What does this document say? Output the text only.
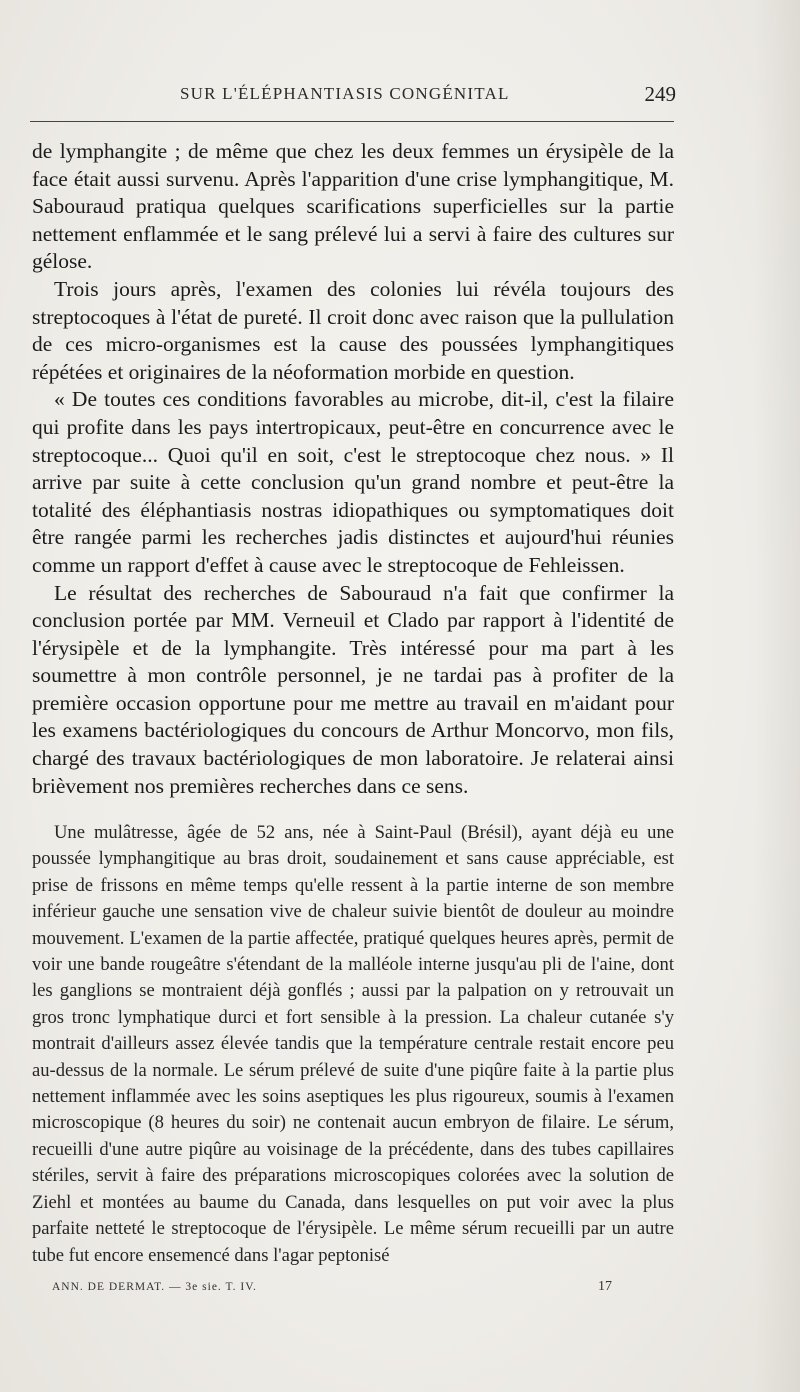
SUR L'ÉLÉPHANTIASIS CONGÉNITAL	249

de lymphangite ; de même que chez les deux femmes un érysipèle de la face était aussi survenu. Après l'apparition d'une crise lymphangitique, M. Sabouraud pratiqua quelques scarifications superficielles sur la partie nettement enflammée et le sang prélevé lui a servi à faire des cultures sur gélose.

Trois jours après, l'examen des colonies lui révéla toujours des streptocoques à l'état de pureté. Il croit donc avec raison que la pullulation de ces micro-organismes est la cause des poussées lymphangitiques répétées et originaires de la néoformation morbide en question.

« De toutes ces conditions favorables au microbe, dit-il, c'est la filaire qui profite dans les pays intertropicaux, peut-être en concurrence avec le streptocoque... Quoi qu'il en soit, c'est le streptocoque chez nous. » Il arrive par suite à cette conclusion qu'un grand nombre et peut-être la totalité des éléphantiasis nostras idiopathiques ou symptomatiques doit être rangée parmi les recherches jadis distinctes et aujourd'hui réunies comme un rapport d'effet à cause avec le streptocoque de Fehleissen.

Le résultat des recherches de Sabouraud n'a fait que confirmer la conclusion portée par MM. Verneuil et Clado par rapport à l'identité de l'érysipèle et de la lymphangite. Très intéressé pour ma part à les soumettre à mon contrôle personnel, je ne tardai pas à profiter de la première occasion opportune pour me mettre au travail en m'aidant pour les examens bactériologiques du concours de Arthur Moncorvo, mon fils, chargé des travaux bactériologiques de mon laboratoire. Je relaterai ainsi brièvement nos premières recherches dans ce sens.

Une mulâtresse, âgée de 52 ans, née à Saint-Paul (Brésil), ayant déjà eu une poussée lymphangitique au bras droit, soudainement et sans cause appréciable, est prise de frissons en même temps qu'elle ressent à la partie interne de son membre inférieur gauche une sensation vive de chaleur suivie bientôt de douleur au moindre mouvement. L'examen de la partie affectée, pratiqué quelques heures après, permit de voir une bande rougeâtre s'étendant de la malléole interne jusqu'au pli de l'aine, dont les ganglions se montraient déjà gonflés ; aussi par la palpation on y retrouvait un gros tronc lymphatique durci et fort sensible à la pression. La chaleur cutanée s'y montrait d'ailleurs assez élevée tandis que la température centrale restait encore peu au-dessus de la normale. Le sérum prélevé de suite d'une piqûre faite à la partie plus nettement inflammée avec les soins aseptiques les plus rigoureux, soumis à l'examen microscopique (8 heures du soir) ne contenait aucun embryon de filaire. Le sérum, recueilli d'une autre piqûre au voisinage de la précédente, dans des tubes capillaires stériles, servit à faire des préparations microscopiques colorées avec la solution de Ziehl et montées au baume du Canada, dans lesquelles on put voir avec la plus parfaite netteté le streptocoque de l'érysipèle. Le même sérum recueilli par un autre tube fut encore ensemencé dans l'agar peptonisé

ANN. DE DERMAT. — 3e sie. T. IV.	17
